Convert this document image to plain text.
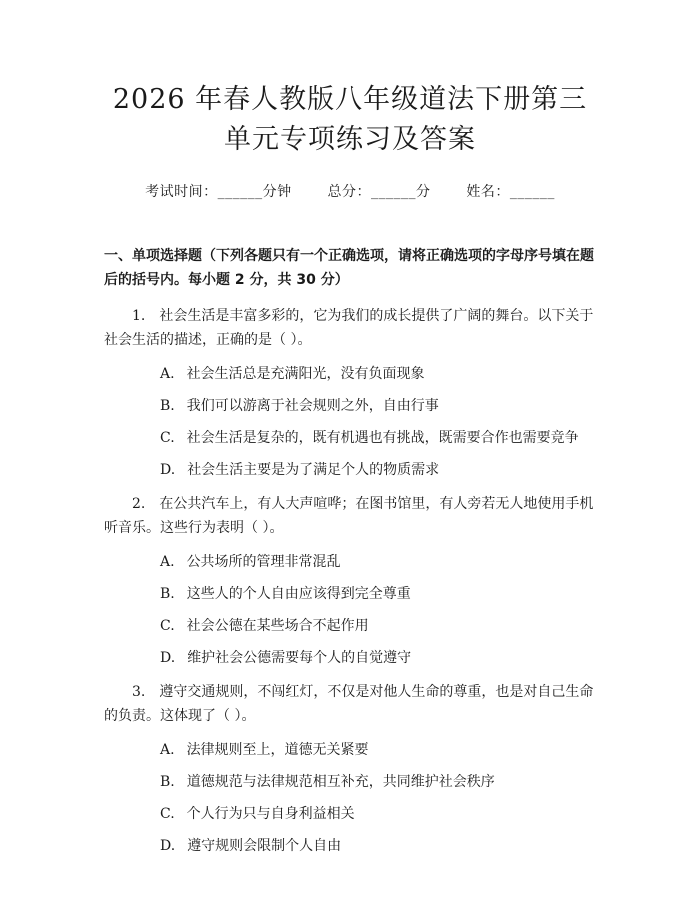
2026 年春人教版八年级道法下册第三单元专项练习及答案
考试时间：______分钟	总分：______分	姓名：______
一、单项选择题（下列各题只有一个正确选项，请将正确选项的字母序号填在题后的括号内。每小题 2 分，共 30 分）

1. 社会生活是丰富多彩的，它为我们的成长提供了广阔的舞台。以下关于社会生活的描述，正确的是（ ）。

A. 社会生活总是充满阳光，没有负面现象

B. 我们可以游离于社会规则之外，自由行事

C. 社会生活是复杂的，既有机遇也有挑战，既需要合作也需要竞争

D. 社会生活主要是为了满足个人的物质需求

2. 在公共汽车上，有人大声喧哗；在图书馆里，有人旁若无人地使用手机听音乐。这些行为表明（ ）。

A. 公共场所的管理非常混乱

B. 这些人的个人自由应该得到完全尊重

C. 社会公德在某些场合不起作用

D. 维护社会公德需要每个人的自觉遵守

3. 遵守交通规则，不闯红灯，不仅是对他人生命的尊重，也是对自己生命的负责。这体现了（ ）。

A. 法律规则至上，道德无关紧要

B. 道德规范与法律规范相互补充，共同维护社会秩序

C. 个人行为只与自身利益相关

D. 遵守规则会限制个人自由
